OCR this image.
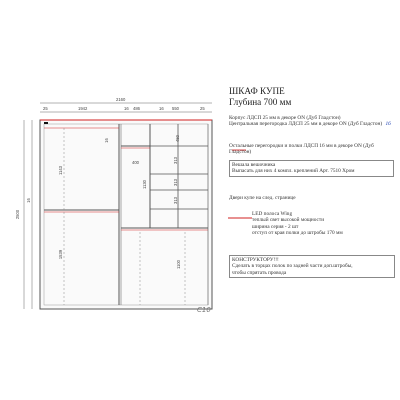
2160
25	1942	16 486	16 550	25
2500
16
1143
1539
16	450
1130
313
313
313
1100
400
C10
ШКАФ КУПЕ
Глубина 700 мм
Корпус ЛДСП 25 мм в декоре ON (Дуб Гладстон)
Центральная перегородка ЛДСП 25 мм в декоре ON (Дуб Гладстон) 16
Остальные перегородки и полки ЛДСП 16 мм в декоре ON (Дуб Гладстон)
Вешала вешочника
Выпасать для них 4 компл. креплений Арт. 7510 Хром
Двери купе на след. странице
LED полоса Wing
теплый свет высокой мощности
ширина серия - 2 шт
отступ от края полки до штробы 170 мм
КОНСТРУКТОРУ!!!
Сделать в торцах полок по задней части доп.штробы,
чтобы спрятать провода
